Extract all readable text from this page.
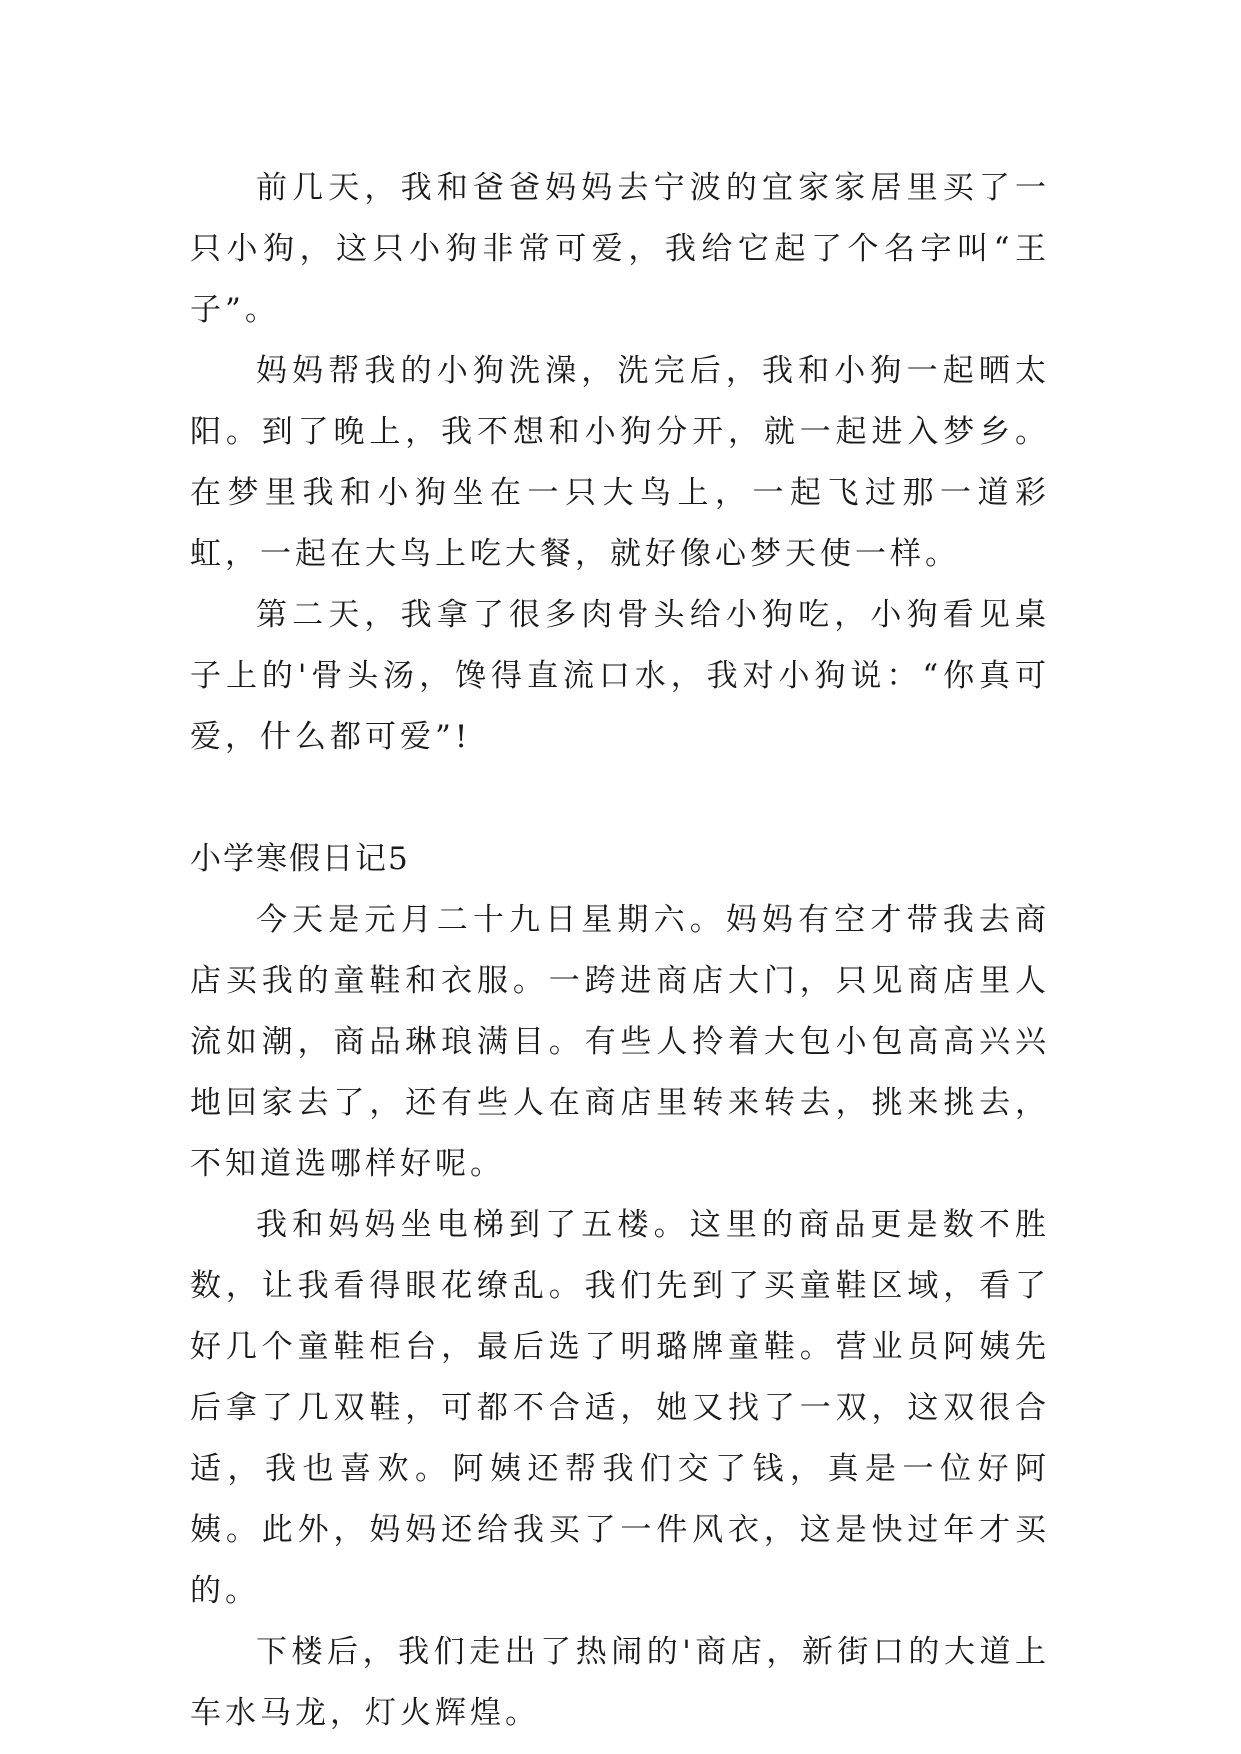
前几天，我和爸爸妈妈去宁波的宜家家居里买了一只小狗，这只小狗非常可爱，我给它起了个名字叫“王子”。

妈妈帮我的小狗洗澡，洗完后，我和小狗一起晒太阳。到了晚上，我不想和小狗分开，就一起进入梦乡。在梦里我和小狗坐在一只大鸟上，一起飞过那一道彩虹，一起在大鸟上吃大餐，就好像心梦天使一样。

第二天，我拿了很多肉骨头给小狗吃，小狗看见桌子上的'骨头汤，馋得直流口水，我对小狗说：“你真可爱，什么都可爱”!

小学寒假日记5

今天是元月二十九日星期六。妈妈有空才带我去商店买我的童鞋和衣服。一跨进商店大门，只见商店里人流如潮，商品琳琅满目。有些人拎着大包小包高高兴兴地回家去了，还有些人在商店里转来转去，挑来挑去，不知道选哪样好呢。

我和妈妈坐电梯到了五楼。这里的商品更是数不胜数，让我看得眼花缭乱。我们先到了买童鞋区域，看了好几个童鞋柜台，最后选了明璐牌童鞋。营业员阿姨先后拿了几双鞋，可都不合适，她又找了一双，这双很合适，我也喜欢。阿姨还帮我们交了钱，真是一位好阿姨。此外，妈妈还给我买了一件风衣，这是快过年才买的。

下楼后，我们走出了热闹的'商店，新街口的大道上车水马龙，灯火辉煌。
